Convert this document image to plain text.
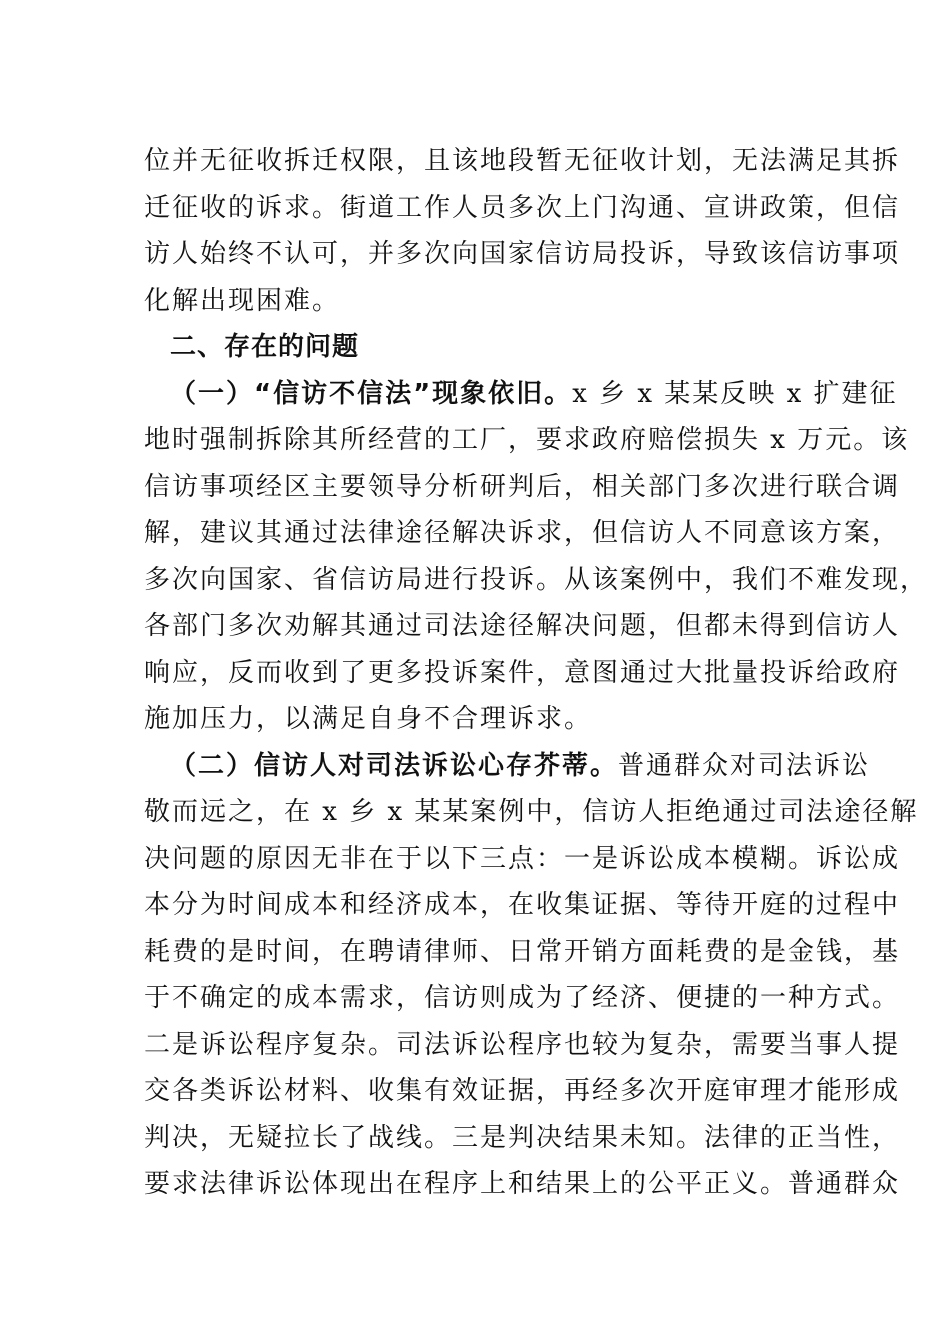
位并无征收拆迁权限，且该地段暂无征收计划，无法满足其拆
迁征收的诉求。街道工作人员多次上门沟通、宣讲政策，但信
访人始终不认可，并多次向国家信访局投诉，导致该信访事项
化解出现困难。
二、存在的问题
（一）“信访不信法”现象依旧。x 乡 x 某某反映 x 扩建征
地时强制拆除其所经营的工厂，要求政府赔偿损失 x 万元。该
信访事项经区主要领导分析研判后，相关部门多次进行联合调
解，建议其通过法律途径解决诉求，但信访人不同意该方案，
多次向国家、省信访局进行投诉。从该案例中，我们不难发现，
各部门多次劝解其通过司法途径解决问题，但都未得到信访人
响应，反而收到了更多投诉案件，意图通过大批量投诉给政府
施加压力，以满足自身不合理诉求。
（二）信访人对司法诉讼心存芥蒂。普通群众对司法诉讼
敬而远之，在 x 乡 x 某某案例中，信访人拒绝通过司法途径解
决问题的原因无非在于以下三点：一是诉讼成本模糊。诉讼成
本分为时间成本和经济成本，在收集证据、等待开庭的过程中
耗费的是时间，在聘请律师、日常开销方面耗费的是金钱，基
于不确定的成本需求，信访则成为了经济、便捷的一种方式。
二是诉讼程序复杂。司法诉讼程序也较为复杂，需要当事人提
交各类诉讼材料、收集有效证据，再经多次开庭审理才能形成
判决，无疑拉长了战线。三是判决结果未知。法律的正当性，
要求法律诉讼体现出在程序上和结果上的公平正义。普通群众
